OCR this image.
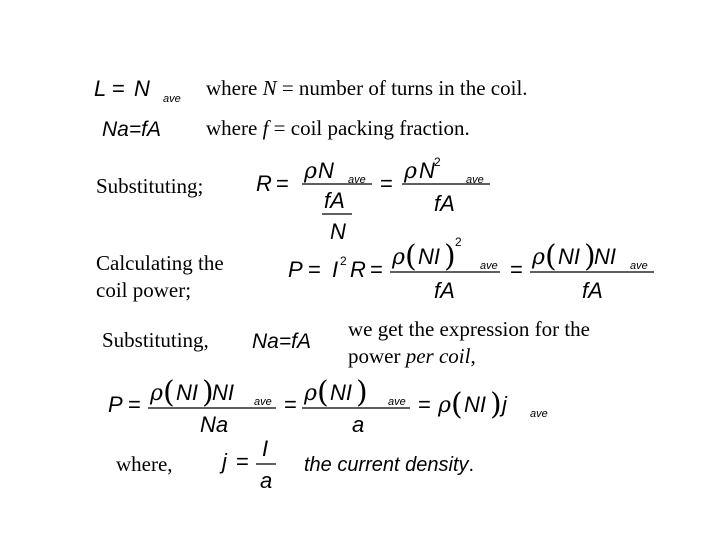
L = N ave where N = number of turns in the coil.
Na=fA where f = coil packing fraction.
Substituting; R = ρ N ave
fA
N
= ρ N 2
ave
fA
Calculating the
coil power;
P = I 2 R = ρ ( NI ) 2
ave
fA
= ρ ( NI )
NI ave
fA
Substituting, Na=fA
we get the expression for the
power per coil,
P = ρ ( NI )
NI ave
Na
= ρ ( NI ) ave
a
= ρ ( NI ) j ave
where, j =
I
a
the current density.
